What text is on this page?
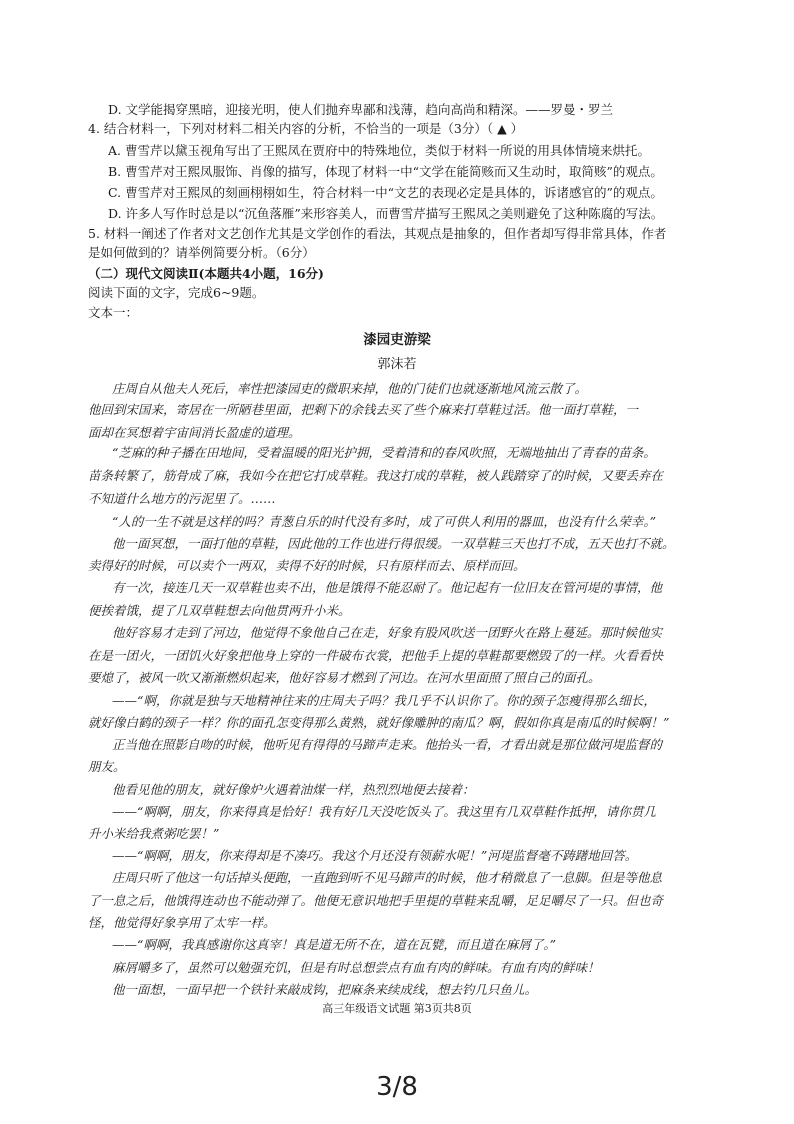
D. 文学能揭穿黑暗，迎接光明，使人们抛弃卑鄙和浅薄，趋向高尚和精深。——罗曼・罗兰
4. 结合材料一，下列对材料二相关内容的分析，不恰当的一项是（3分）（ ▲ ）
A. 曹雪芹以黛玉视角写出了王熙凤在贾府中的特殊地位，类似于材料一所说的用具体情境来烘托。
B. 曹雪芹对王熙凤服饰、肖像的描写，体现了材料一中“文学在能简赅而又生动时，取简赅”的观点。
C. 曹雪芹对王熙凤的刻画栩栩如生，符合材料一中“文艺的表现必定是具体的，诉诸感官的”的观点。
D. 许多人写作时总是以“沉鱼落雁”来形容美人，而曹雪芹描写王熙凤之美则避免了这种陈腐的写法。
5. 材料一阐述了作者对文艺创作尤其是文学创作的看法，其观点是抽象的，但作者却写得非常具体，作者
是如何做到的？请举例简要分析。（6分）
（二）现代文阅读Ⅱ(本题共4小题，16分)
阅读下面的文字，完成6~9题。
文本一：
漆园吏游梁
郭沫若
庄周自从他夫人死后，率性把漆园吏的微职来掉，他的门徒们也就逐渐地风流云散了。
他回到宋国来，寄居在一所陋巷里面，把剩下的余钱去买了些个麻来打草鞋过活。他一面打草鞋，一
面却在冥想着宇宙间消长盈虚的道理。
“芝麻的种子播在田地间，受着温暖的阳光护拥，受着清和的春风吹照，无端地抽出了青春的苗条。
苗条转繁了，筋骨成了麻，我如今在把它打成草鞋。我这打成的草鞋，被人践踏穿了的时候，又要丢弃在
不知道什么地方的污泥里了。……
“人的一生不就是这样的吗？青葱自乐的时代没有多时，成了可供人利用的器皿，也没有什么荣幸。”
他一面冥想，一面打他的草鞋，因此他的工作也进行得很缓。一双草鞋三天也打不成，五天也打不就。
卖得好的时候，可以卖个一两双，卖得不好的时候，只有原样而去、原样而回。
有一次，接连几天一双草鞋也卖不出，他是饿得不能忍耐了。他记起有一位旧友在管河堤的事情，他
便挨着饿，提了几双草鞋想去向他贯两升小米。
他好容易才走到了河边，他觉得不象他自己在走，好象有股风吹送一团野火在路上蔓延。那时候他实
在是一团火，一团饥火好象把他身上穿的一件破布衣裳，把他手上提的草鞋都要燃毁了的一样。火看看快
要熄了，被风一吹又渐渐燃炽起来，他好容易才燃到了河边。在河水里面照了照自己的面孔。
——“啊，你就是独与天地精神往来的庄周夫子吗？我几乎不认识你了。你的颈子怎瘦得那么细长，
就好像白鹤的颈子一样？你的面孔怎变得那么黄熟，就好像雕肿的南瓜？啊，假如你真是南瓜的时候啊！”
正当他在照影自吻的时候，他听见有得得的马蹄声走来。他抬头一看，才看出就是那位做河堤监督的
朋友。
他看见他的朋友，就好像炉火遇着油煤一样，热烈烈地便去接着：
——“啊啊，朋友，你来得真是恰好！我有好几天没吃饭头了。我这里有几双草鞋作抵押，请你贯几
升小米给我煮粥吃罢！”
——“啊啊，朋友，你来得却是不凑巧。我这个月还没有领薪水呢！”河堤监督毫不踌躇地回答。
庄周只听了他这一句话掉头便跑，一直跑到听不见马蹄声的时候，他才稍微息了一息脚。但是等他息
了一息之后，他饿得连动也不能动弹了。他便无意识地把手里提的草鞋来乱嚼，足足嚼尽了一只。但也奇
怪，他觉得好象享用了太牢一样。
——“啊啊，我真感谢你这真宰！真是道无所不在，道在瓦甓，而且道在麻屑了。”
麻屑嚼多了，虽然可以勉强充饥，但是有时总想尝点有血有肉的鲜味。有血有肉的鲜味！
他一面想，一面早把一个铁针来敲成钩，把麻条来续成线，想去钓几只鱼儿。
高三年级语文试题 第3页共8页
3/8
